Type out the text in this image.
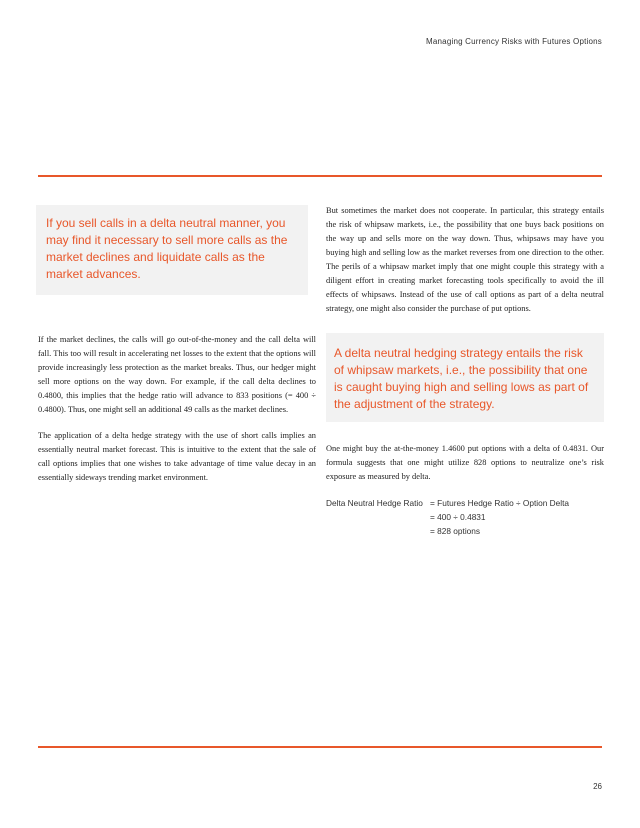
Managing Currency Risks with Futures Options
If you sell calls in a delta neutral manner, you may find it necessary to sell more calls as the market declines and liquidate calls as the market advances.

If the market declines, the calls will go out-of-the-money and the call delta will fall. This too will result in accelerating net losses to the extent that the options will provide increasingly less protection as the market breaks. Thus, our hedger might sell more options on the way down. For example, if the call delta declines to 0.4800, this implies that the hedge ratio will advance to 833 positions (= 400 ÷ 0.4800). Thus, one might sell an additional 49 calls as the market declines.

The application of a delta hedge strategy with the use of short calls implies an essentially neutral market forecast. This is intuitive to the extent that the sale of call options implies that one wishes to take advantage of time value decay in an essentially sideways trending market environment.

But sometimes the market does not cooperate. In particular, this strategy entails the risk of whipsaw markets, i.e., the possibility that one buys back positions on the way up and sells more on the way down. Thus, whipsaws may have you buying high and selling low as the market reverses from one direction to the other. The perils of a whipsaw market imply that one might couple this strategy with a diligent effort in creating market forecasting tools specifically to avoid the ill effects of whipsaws. Instead of the use of call options as part of a delta neutral strategy, one might also consider the purchase of put options.

A delta neutral hedging strategy entails the risk of whipsaw markets, i.e., the possibility that one is caught buying high and selling lows as part of the adjustment of the strategy.

One might buy the at-the-money 1.4600 put options with a delta of 0.4831. Our formula suggests that one might utilize 828 options to neutralize one’s risk exposure as measured by delta.

Delta Neutral Hedge Ratio = Futures Hedge Ratio ÷ Option Delta
= 400 ÷ 0.4831
= 828 options
26
